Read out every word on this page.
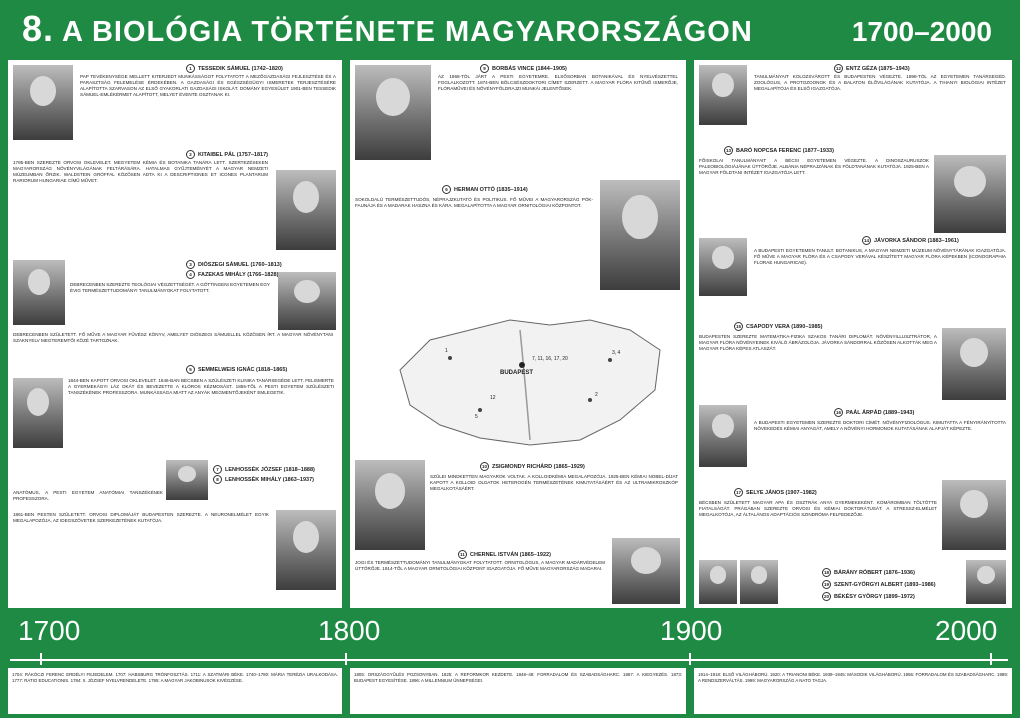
8. A BIOLÓGIA TÖRTÉNETE MAGYARORSZÁGON	1700–2000
1 TESSEDIK SÁMUEL (1742–1820)
PAP TEVÉKENYSÉGE MELLETT KITERJEDT MUNKÁSSÁGOT FOLYTATOTT A MEZŐGAZDASÁGI FEJLESZTÉSE ÉS A PARASZTSÁG FELEMELÉSE ÉRDEKÉBEN. A GAZDASÁGI ÉS EGÉSZSÉGÜGYI ISMERETEK TERJESZTÉSÉRE ALAPÍTOTTA SZARVASON AZ ELSŐ GYAKORLATI GAZDASÁGI ISKOLÁT. DOMÁNY EGYESÜLET 1901-BEN TESSEDIK SÁMUEL-EMLÉKÉRMET ALAPÍTOTT, MELYET ÉVENTE OSZTANAK KI.
2 KITAIBEL PÁL (1757–1817)
1785-BEN SZEREZTE ORVOSI OKLEVELET. MEGYETEM KÉMIA ÉS BOTANIKA TANÁRA LETT. SZERTEZÉSEKEN MAGYARORSZÁG NÖVÉNYVILÁGÁNAK FELTÁRÁSÁRA. HATALMAS GYŰJTEMÉNYÉT A MAGYAR NEMZETI MÚZEUMBAN ŐRZIK. WALDSTEIN GRÓFFAL KÖZÖSEN ADTA KI A DESCRIPTIONES ET ICONES PLANTARUM RARIORUM HUNGARIAE CÍMŰ MŰVET.
3 DIÓSZEGI SÁMUEL (1760–1813)
4 FAZEKAS MIHÁLY (1766–1828)
DEBRECENBEN SZEREZTE TEOLÓGIAI VÉGZETTSÉGÉT. A GÖTTINGENI EGYETEMEN EGY ÉVIG TERMÉSZETTUDOMÁNYI TANULMÁNYOKAT FOLYTATOTT.
DEBRECENBEN SZÜLETETT. FŐ MŰVE A MAGYAR FŰVÉSZ KÖNYV, AMELYET DIÓSZEGI SÁMUELLEL KÖZÖSEN ÍRT. A MAGYAR NÖVÉNYTANI SZAKNYELV MEGTEREMTŐI KÖZÉ TARTOZNAK.
5 SEMMELWEIS IGNÁC (1818–1865)
1844-BEN KAPOTT ORVOSI OKLEVELET. 1846-BAN BÉCSBEN A SZÜLÉSZETI KLINIKA TANÁRSEGÉDE LETT. FELISMERTE A GYERMEKÁGYI LÁZ OKÁT ÉS BEVEZETTE A KLÓROS KÉZMOSÁST. 1855-TŐL A PESTI EGYETEM SZÜLÉSZETI TANSZÉKÉNEK PROFESSZORA. MUNKÁSSÁGA MIATT AZ ANYÁK MEGMENTŐJEKÉNT EMLEGETIK.
7 LENHOSSÉK JÓZSEF (1818–1888)
8 LENHOSSÉK MIHÁLY (1863–1937)
ANATÓMUS, A PESTI EGYETEM ANATÓMIAI TANSZÉKÉNEK PROFESSZORA.
1861-BEN PESTEN SZÜLETETT. ORVOSI DIPLOMÁJÁT BUDAPESTEN SZEREZTE. A NEURONELMÉLET EGYIK MEGALAPOZÓJA, AZ IDEGSZÖVETEK SZERKEZETÉNEK KUTATÓJA.
9 BORBÁS VINCE (1844–1905)
AZ 1868-TÓL JÁRT A PESTI EGYETEMRE. ELSŐSORBAN BOTANIKÁVAL ÉS NYELVÉSZETTEL FOGLALKOZOTT. 1874-BEN BÖLCSÉSZDOKTORI CÍMET SZERZETT. A MAGYAR FLÓRA KITŰNŐ ISMERŐJE, FLÓRAMŰVEI ÉS NÖVÉNYFÖLDRAJZI MUNKÁI JELENTŐSEK.
6 HERMAN OTTÓ (1835–1914)
SOKOLDALÚ TERMÉSZETTUDÓS, NÉPRAJZKUTATÓ ÉS POLITIKUS. FŐ MŰVEI A MAGYARORSZÁG PÓK-FAUNÁJA ÉS A MADARAK HASZNA ÉS KÁRA. MEGALAPÍTOTTA A MAGYAR ORNITOLÓGIAI KÖZPONTOT.
BUDAPEST
7, 11, 16, 17, 20
1
2
3, 4
5
12
10 ZSIGMONDY RICHÁRD (1865–1929)
SZÜLEI MINDKETTEN MAGYAROK VOLTAK. A KOLLOIDKÉMIA MEGALAPOZÓJA. 1925-BEN KÉMIAI NOBEL-DÍJAT KAPOTT A KOLLOID OLDATOK HETEROGÉN TERMÉSZETÉNEK KIMUTATÁSÁÉRT ÉS AZ ULTRAMIKROSZKÓP MEGALKOTÁSÁÉRT.
11 CHERNEL ISTVÁN (1865–1922)
JOGI ÉS TERMÉSZETTUDOMÁNYI TANULMÁNYOKAT FOLYTATOTT. ORNITOLÓGUS, A MAGYAR MADÁRVÉDELEM ÚTTÖRŐJE. 1914-TŐL A MAGYAR ORNITOLÓGIAI KÖZPONT IGAZGATÓJA. FŐ MŰVE MAGYARORSZÁG MADARAI.
12 ENTZ GÉZA (1875–1943)
TANULMÁNYAIT KOLOZSVÁROTT ÉS BUDAPESTEN VÉGEZTE. 1898-TÓL AZ EGYETEMEN TANÁRSEGÉD. ZOOLÓGUS, A PROTOZOONOK ÉS A BALATON ÉLŐVILÁGÁNAK KUTATÓJA. A TIHANYI BIOLÓGIAI INTÉZET MEGALAPÍTÓJA ÉS ELSŐ IGAZGATÓJA.
13 BARÓ NOPCSA FERENC (1877–1933)
FŐISKOLAI TANULMÁNYAIT A BÉCSI EGYETEMEN VÉGEZTE. A DINOSZAURUSZOK PALEOBIOLÓGIÁJÁNAK ÚTTÖRŐJE. ALBÁNIA NÉPRAJZÁNAK ÉS FÖLDTANÁNAK KUTATÓJA. 1925-BEN A MAGYAR FÖLDTANI INTÉZET IGAZGATÓJA LETT.
14 JÁVORKA SÁNDOR (1883–1961)
A BUDAPESTI EGYETEMEN TANULT. BOTANIKUS, A MAGYAR NEMZETI MÚZEUM NÖVÉNYTÁRÁNAK IGAZGATÓJA. FŐ MŰVE A MAGYAR FLÓRA ÉS A CSAPODY VERÁVAL KÉSZÍTETT MAGYAR FLÓRA KÉPEKBEN (ICONOGRAPHIA FLORAE HUNGARICAE).
15 CSAPODY VERA (1890–1985)
BUDAPESTEN SZEREZTE MATEMATIKA-FIZIKA SZAKOS TANÁRI DIPLOMÁT. NÖVÉNYILLUSZTRÁTOR, A MAGYAR FLÓRA NÖVÉNYEINEK KIVÁLÓ ÁBRÁZOLÓJA. JÁVORKA SÁNDORRAL KÖZÖSEN ALKOTTÁK MEG A MAGYAR FLÓRA KÉPES ATLASZÁT.
16 PAÁL ÁRPÁD (1889–1943)
A BUDAPESTI EGYETEMEN SZEREZTE DOKTORI CÍMÉT. NÖVÉNYFIZIOLÓGUS. KIMUTATTA A FÉNYIRÁNYÍTOTTA NÖVEKEDÉS KÉMIAI ANYAGÁT, AMELY A NÖVÉNYI HORMONOK KUTATÁSÁNAK ALAPJÁT KÉPEZTE.
17 SELYE JÁNOS (1907–1982)
BÉCSBEN SZÜLETETT MAGYAR APA ÉS OSZTRÁK ANYA GYERMEKEKÉNT. KOMÁROMBAN TÖLTÖTTE FIATALSÁGÁT. PRÁGÁBAN SZEREZTE ORVOSI ÉS KÉMIAI DOKTORÁTUSÁT. A STRESSZ-ELMÉLET MEGALKOTÓJA, AZ ÁLTALÁNOS ADAPTÁCIÓS SZINDRÓMA FELFEDEZŐJE.
18 BÁRÁNY RÓBERT (1876–1936)
19 SZENT-GYÖRGYI ALBERT (1893–1986)
20 BÉKÉSY GYÖRGY (1899–1972)
1700	1800	1900	2000
1704: RÁKÓCZI FERENC ERDÉLYI FEJEDELEM. 1707: HABSBURG TRÓNFOSZTÁS. 1711: A SZATMÁRI BÉKE. 1740–1780: MÁRIA TERÉZIA URALKODÁSA. 1777: RATIO EDUCATIONIS. 1784: II. JÓZSEF NYELVRENDELETE. 1795: A MAGYAR JAKOBINUSOK KIVÉGZÉSE.
1805: ORSZÁGGYŰLÉS POZSONYBAN. 1825: A REFORMKOR KEZDETE. 1848–49: FORRADALOM ÉS SZABADSÁGHARC. 1867: A KIEGYEZÉS. 1873: BUDAPEST EGYESÍTÉSE. 1896: A MILLENNIUM ÜNNEPSÉGEI.
1914–1918: ELSŐ VILÁGHÁBORÚ. 1920: A TRIANONI BÉKE. 1939–1945: MÁSODIK VILÁGHÁBORÚ. 1956: FORRADALOM ÉS SZABADSÁGHARC. 1989: A RENDSZERVÁLTÁS. 1999: MAGYARORSZÁG A NATO TAGJA.
